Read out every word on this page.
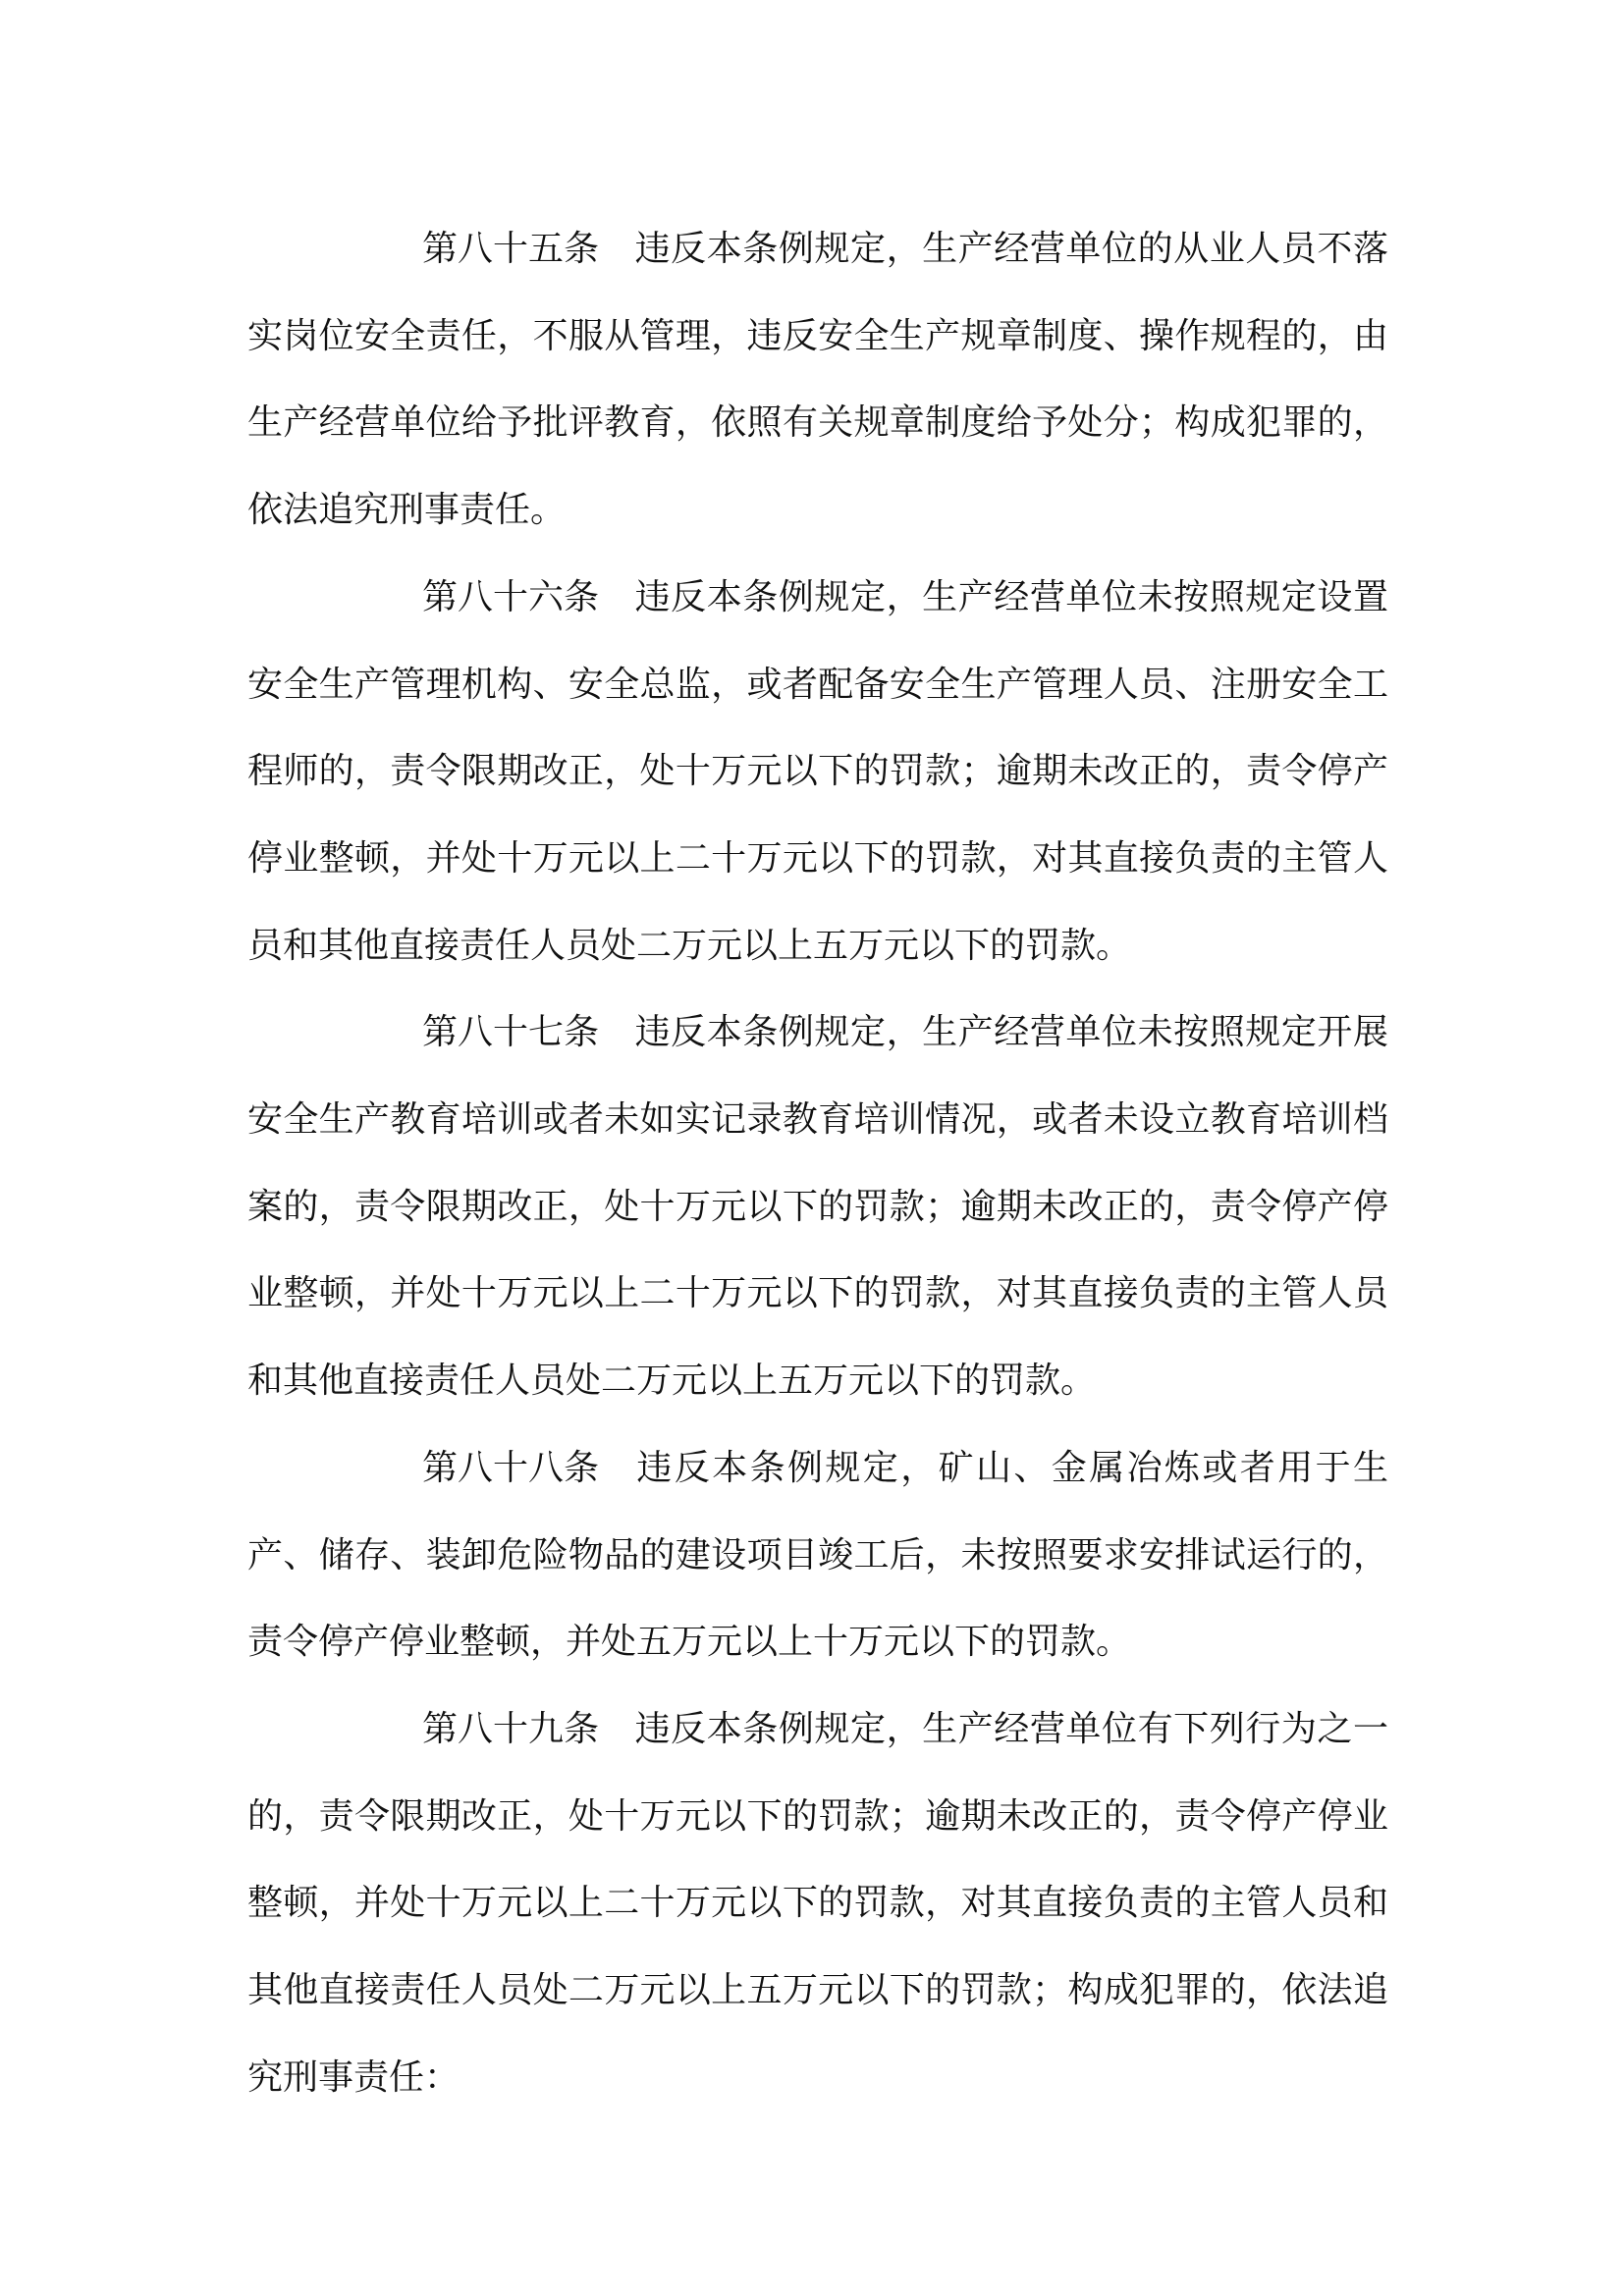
第八十五条 违反本条例规定，生产经营单位的从业人员不落实岗位安全责任，不服从管理，违反安全生产规章制度、操作规程的，由生产经营单位给予批评教育，依照有关规章制度给予处分；构成犯罪的，依法追究刑事责任。

第八十六条 违反本条例规定，生产经营单位未按照规定设置安全生产管理机构、安全总监，或者配备安全生产管理人员、注册安全工程师的，责令限期改正，处十万元以下的罚款；逾期未改正的，责令停产停业整顿，并处十万元以上二十万元以下的罚款，对其直接负责的主管人员和其他直接责任人员处二万元以上五万元以下的罚款。

第八十七条 违反本条例规定，生产经营单位未按照规定开展安全生产教育培训或者未如实记录教育培训情况，或者未设立教育培训档案的，责令限期改正，处十万元以下的罚款；逾期未改正的，责令停产停业整顿，并处十万元以上二十万元以下的罚款，对其直接负责的主管人员和其他直接责任人员处二万元以上五万元以下的罚款。

第八十八条 违反本条例规定，矿山、金属冶炼或者用于生产、储存、装卸危险物品的建设项目竣工后，未按照要求安排试运行的，责令停产停业整顿，并处五万元以上十万元以下的罚款。

第八十九条 违反本条例规定，生产经营单位有下列行为之一的，责令限期改正，处十万元以下的罚款；逾期未改正的，责令停产停业整顿，并处十万元以上二十万元以下的罚款，对其直接负责的主管人员和其他直接责任人员处二万元以上五万元以下的罚款；构成犯罪的，依法追究刑事责任：
